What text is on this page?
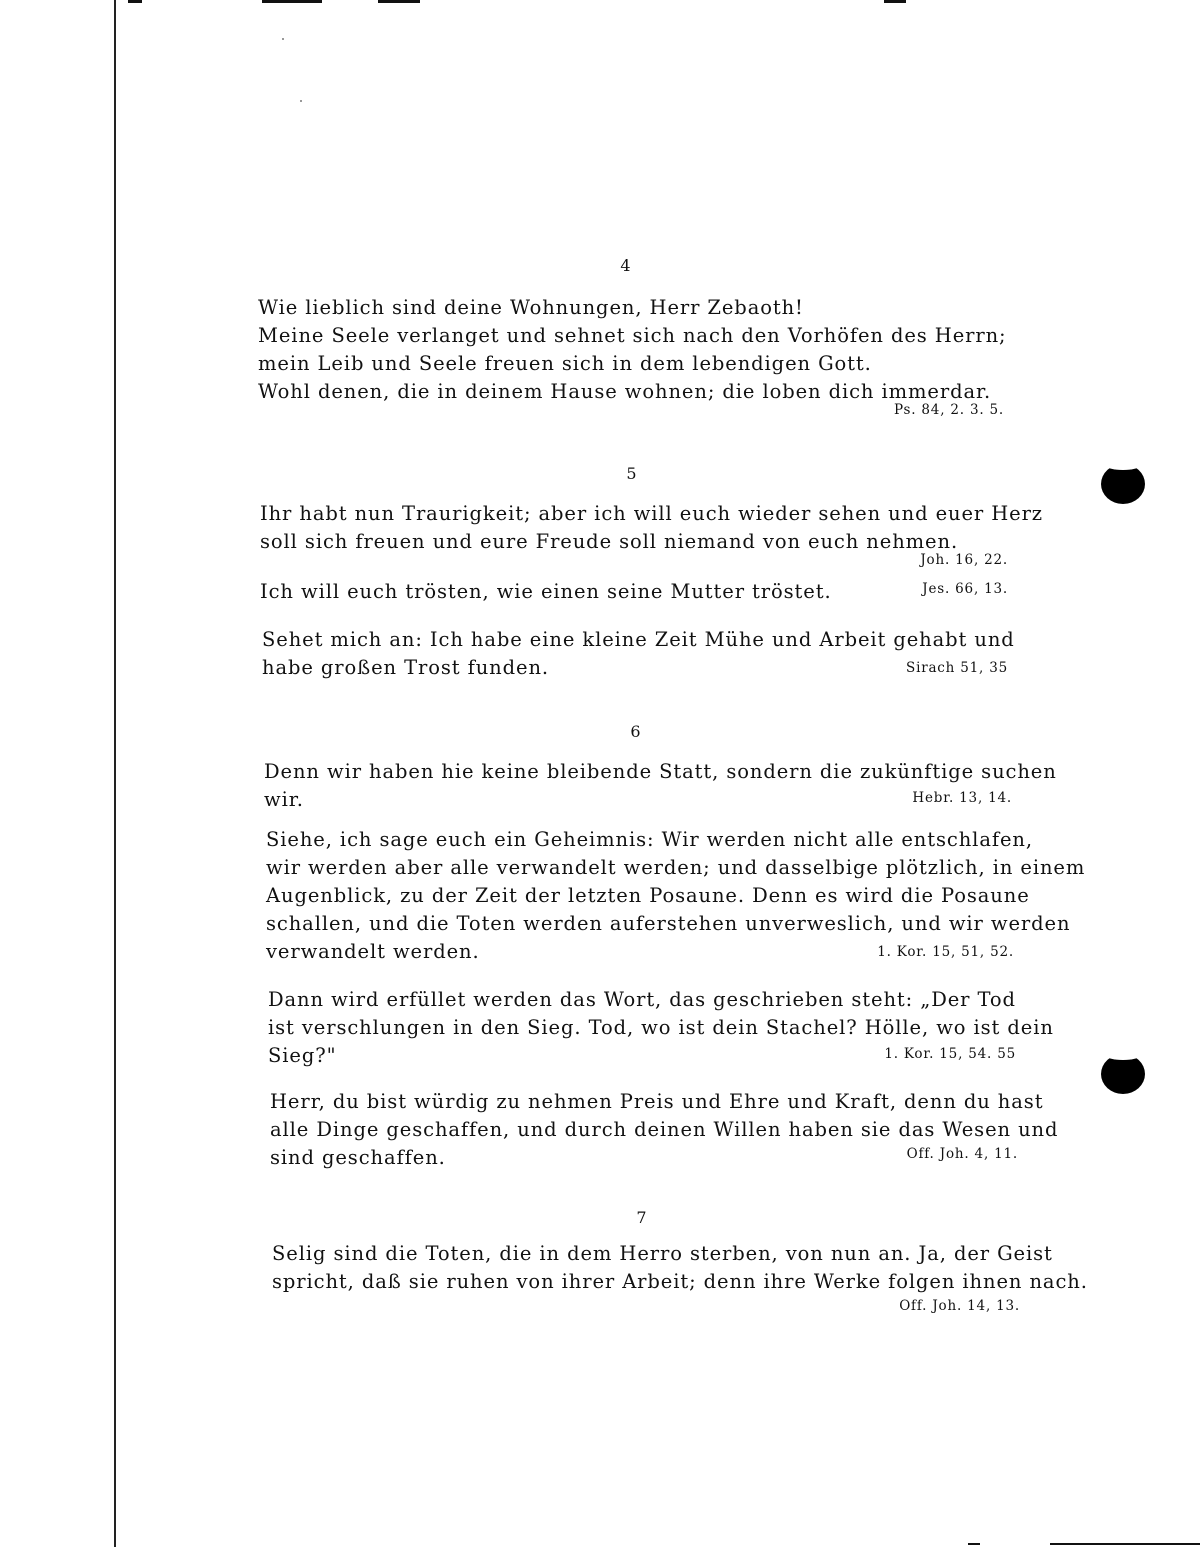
4

Wie lieblich sind deine Wohnungen, Herr Zebaoth!
Meine Seele verlanget und sehnet sich nach den Vorhöfen des Herrn;
mein Leib und Seele freuen sich in dem lebendigen Gott.
Wohl denen, die in deinem Hause wohnen; die loben dich immerdar.

Ps. 84, 2. 3. 5.
5

Ihr habt nun Traurigkeit; aber ich will euch wieder sehen und euer Herz
soll sich freuen und eure Freude soll niemand von euch nehmen.

Joh. 16, 22.

Ich will euch trösten, wie einen seine Mutter tröstet.	Jes. 66, 13.

Sehet mich an: Ich habe eine kleine Zeit Mühe und Arbeit gehabt und
habe großen Trost funden.	Sirach 51, 35
6

Denn wir haben hie keine bleibende Statt, sondern die zukünftige suchen
wir.	Hebr. 13, 14.

Siehe, ich sage euch ein Geheimnis: Wir werden nicht alle entschlafen,
wir werden aber alle verwandelt werden; und dasselbige plötzlich, in einem
Augenblick, zu der Zeit der letzten Posaune. Denn es wird die Posaune
schallen, und die Toten werden auferstehen unverweslich, und wir werden
verwandelt werden.	1. Kor. 15, 51, 52.

Dann wird erfüllet werden das Wort, das geschrieben steht: „Der Tod
ist verschlungen in den Sieg. Tod, wo ist dein Stachel? Hölle, wo ist dein
Sieg?"	1. Kor. 15, 54. 55

Herr, du bist würdig zu nehmen Preis und Ehre und Kraft, denn du hast
alle Dinge geschaffen, und durch deinen Willen haben sie das Wesen und
sind geschaffen.	Off. Joh. 4, 11.
7

Selig sind die Toten, die in dem Herro sterben, von nun an. Ja, der Geist
spricht, daß sie ruhen von ihrer Arbeit; denn ihre Werke folgen ihnen nach.

Off. Joh. 14, 13.
